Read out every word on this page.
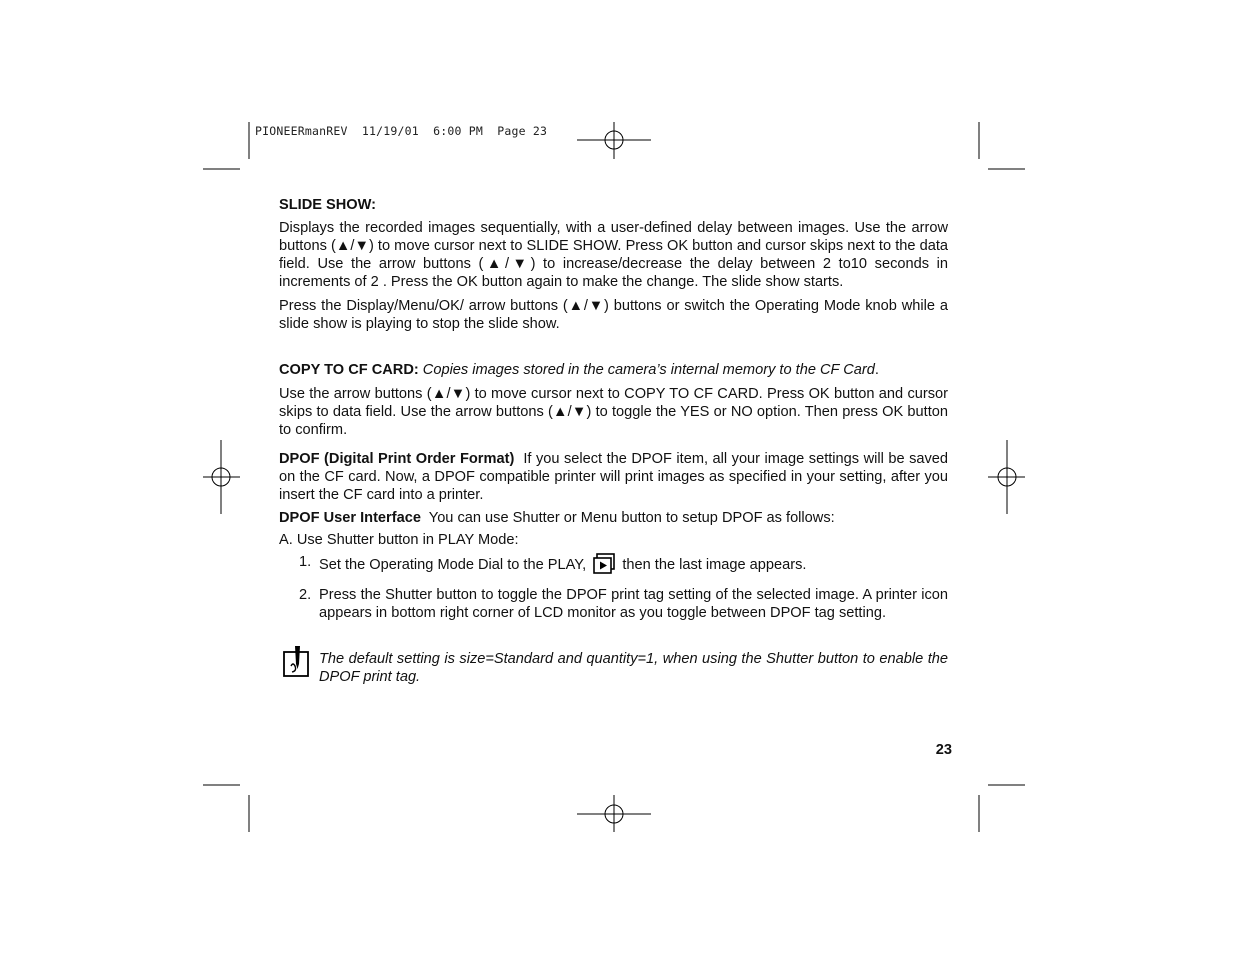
PIONEERmanREV  11/19/01  6:00 PM  Page 23

SLIDE SHOW:

Displays the recorded images sequentially, with a user-defined delay between images. Use the arrow buttons (▲/▼) to move cursor next to SLIDE SHOW. Press OK button and cursor skips next to the data field. Use the arrow buttons (▲/▼) to increase/decrease the delay between 2 to10 seconds in increments of 2 . Press the OK button again to make the change. The slide show starts.

Press the Display/Menu/OK/ arrow buttons (▲/▼) buttons or switch the Operating Mode knob while a slide show is playing to stop the slide show.

COPY TO CF CARD: Copies images stored in the camera’s internal memory to the CF Card.

Use the arrow buttons (▲/▼) to move cursor next to COPY TO CF CARD. Press OK button and cursor skips to data field. Use the arrow buttons (▲/▼) to toggle the YES or NO option. Then press OK button to confirm.

DPOF (Digital Print Order Format) If you select the DPOF item, all your image settings will be saved on the CF card. Now, a DPOF compatible printer will print images as specified in your setting, after you insert the CF card into a printer.

DPOF User Interface You can use Shutter or Menu button to setup DPOF as follows:

A. Use Shutter button in PLAY Mode:

1. Set the Operating Mode Dial to the PLAY, then the last image appears.
2. Press the Shutter button to toggle the DPOF print tag setting of the selected image. A printer icon appears in bottom right corner of LCD monitor as you toggle between DPOF tag setting.
The default setting is size=Standard and quantity=1, when using the Shutter button to enable the DPOF print tag.
23
